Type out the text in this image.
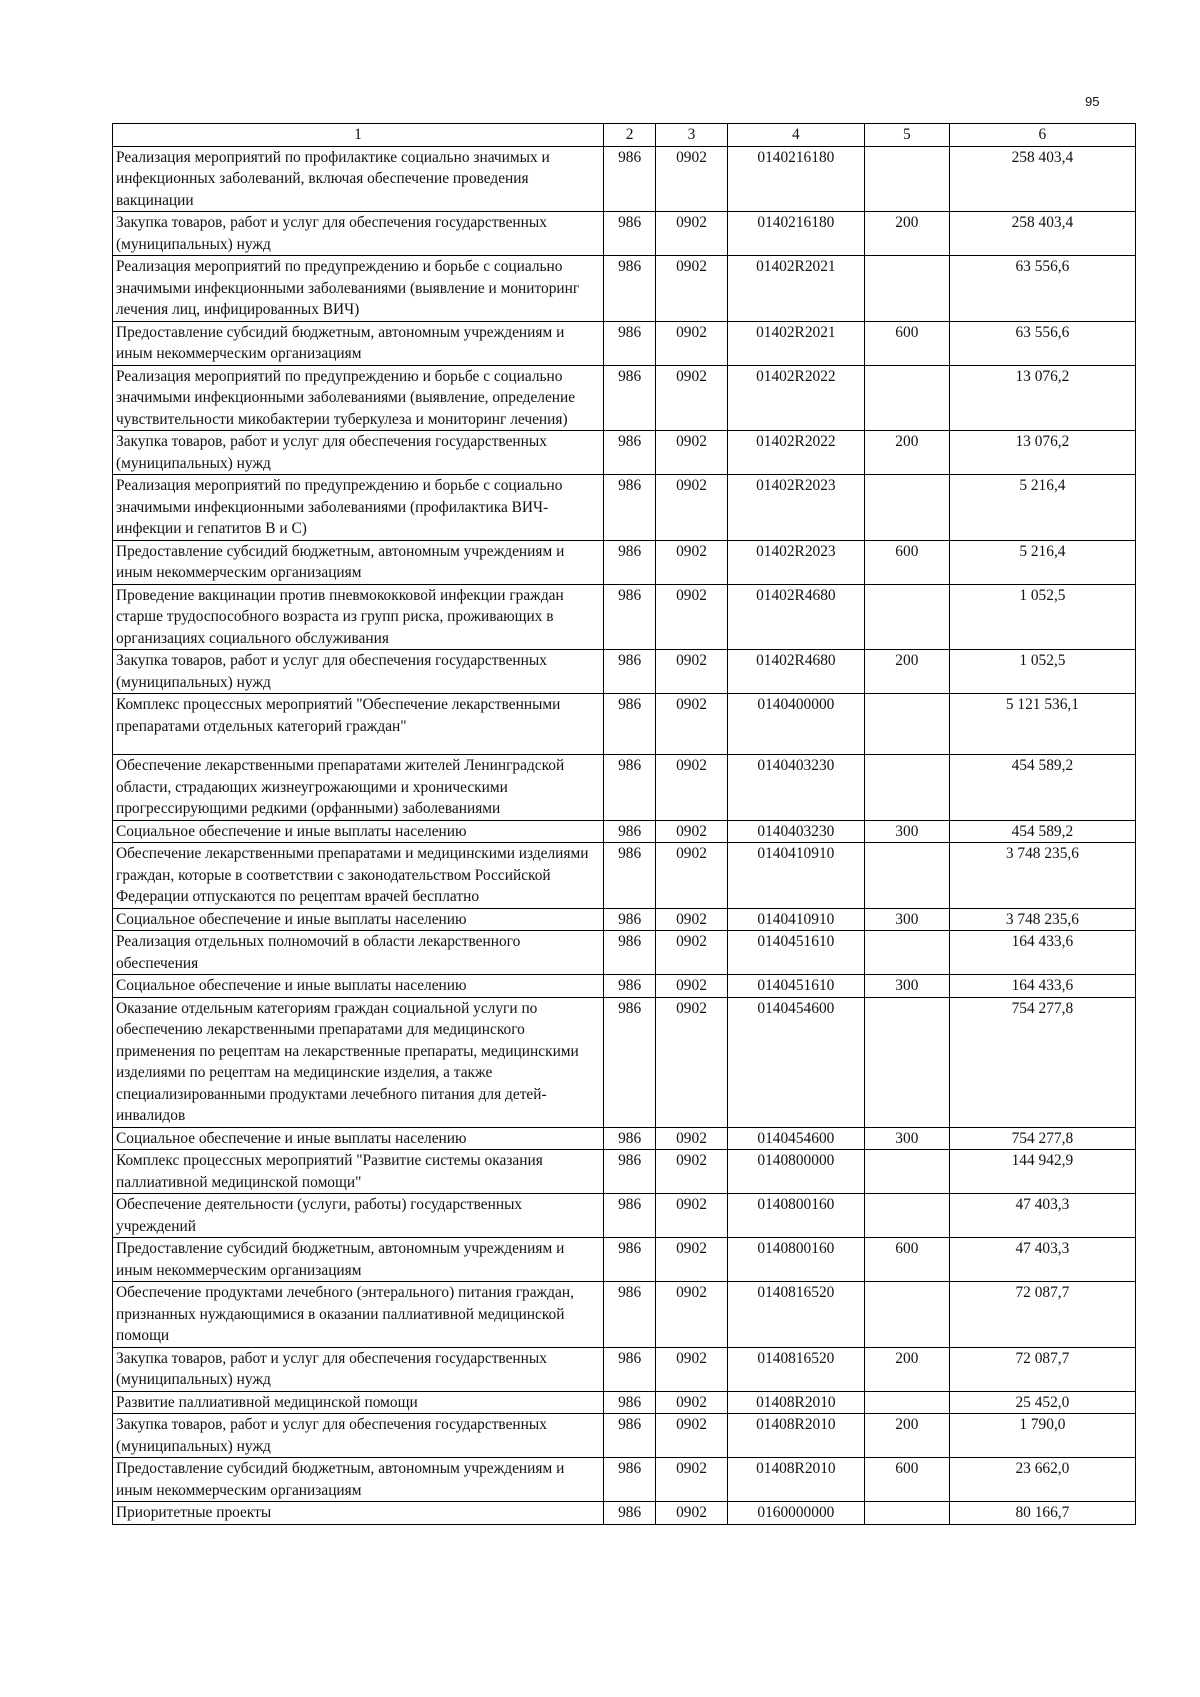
95
1	2	3	4	5	6
Реализация мероприятий по профилактике социально значимых и инфекционных заболеваний, включая обеспечение проведения вакцинации	986	0902	0140216180		258 403,4
Закупка товаров, работ и услуг для обеспечения государственных (муниципальных) нужд	986	0902	0140216180	200	258 403,4
Реализация мероприятий по предупреждению и борьбе с социально значимыми инфекционными заболеваниями (выявление и мониторинг лечения лиц, инфицированных ВИЧ)	986	0902	01402R2021		63 556,6
Предоставление субсидий бюджетным, автономным учреждениям и иным некоммерческим организациям	986	0902	01402R2021	600	63 556,6
Реализация мероприятий по предупреждению и борьбе с социально значимыми инфекционными заболеваниями (выявление, определение чувствительности микобактерии туберкулеза и мониторинг лечения)	986	0902	01402R2022		13 076,2
Закупка товаров, работ и услуг для обеспечения государственных (муниципальных) нужд	986	0902	01402R2022	200	13 076,2
Реализация мероприятий по предупреждению и борьбе с социально значимыми инфекционными заболеваниями (профилактика ВИЧ-инфекции и гепатитов В и С)	986	0902	01402R2023		5 216,4
Предоставление субсидий бюджетным, автономным учреждениям и иным некоммерческим организациям	986	0902	01402R2023	600	5 216,4
Проведение вакцинации против пневмококковой инфекции граждан старше трудоспособного возраста из групп риска, проживающих в организациях социального обслуживания	986	0902	01402R4680		1 052,5
Закупка товаров, работ и услуг для обеспечения государственных (муниципальных) нужд	986	0902	01402R4680	200	1 052,5
Комплекс процессных мероприятий "Обеспечение лекарственными препаратами отдельных категорий граждан"	986	0902	0140400000		5 121 536,1
Обеспечение лекарственными препаратами жителей Ленинградской области, страдающих жизнеугрожающими и хроническими прогрессирующими редкими (орфанными) заболеваниями	986	0902	0140403230		454 589,2
Социальное обеспечение и иные выплаты населению	986	0902	0140403230	300	454 589,2
Обеспечение лекарственными препаратами и медицинскими изделиями граждан, которые в соответствии с законодательством Российской Федерации отпускаются по рецептам врачей бесплатно	986	0902	0140410910		3 748 235,6
Социальное обеспечение и иные выплаты населению	986	0902	0140410910	300	3 748 235,6
Реализация отдельных полномочий в области лекарственного обеспечения	986	0902	0140451610		164 433,6
Социальное обеспечение и иные выплаты населению	986	0902	0140451610	300	164 433,6
Оказание отдельным категориям граждан социальной услуги по обеспечению лекарственными препаратами для медицинского применения по рецептам на лекарственные препараты, медицинскими изделиями по рецептам на медицинские изделия, а также специализированными продуктами лечебного питания для детей-инвалидов	986	0902	0140454600		754 277,8
Социальное обеспечение и иные выплаты населению	986	0902	0140454600	300	754 277,8
Комплекс процессных мероприятий "Развитие системы оказания паллиативной медицинской помощи"	986	0902	0140800000		144 942,9
Обеспечение деятельности (услуги, работы) государственных учреждений	986	0902	0140800160		47 403,3
Предоставление субсидий бюджетным, автономным учреждениям и иным некоммерческим организациям	986	0902	0140800160	600	47 403,3
Обеспечение продуктами лечебного (энтерального) питания граждан, признанных нуждающимися в оказании паллиативной медицинской помощи	986	0902	0140816520		72 087,7
Закупка товаров, работ и услуг для обеспечения государственных (муниципальных) нужд	986	0902	0140816520	200	72 087,7
Развитие паллиативной медицинской помощи	986	0902	01408R2010		25 452,0
Закупка товаров, работ и услуг для обеспечения государственных (муниципальных) нужд	986	0902	01408R2010	200	1 790,0
Предоставление субсидий бюджетным, автономным учреждениям и иным некоммерческим организациям	986	0902	01408R2010	600	23 662,0
Приоритетные проекты	986	0902	0160000000		80 166,7
